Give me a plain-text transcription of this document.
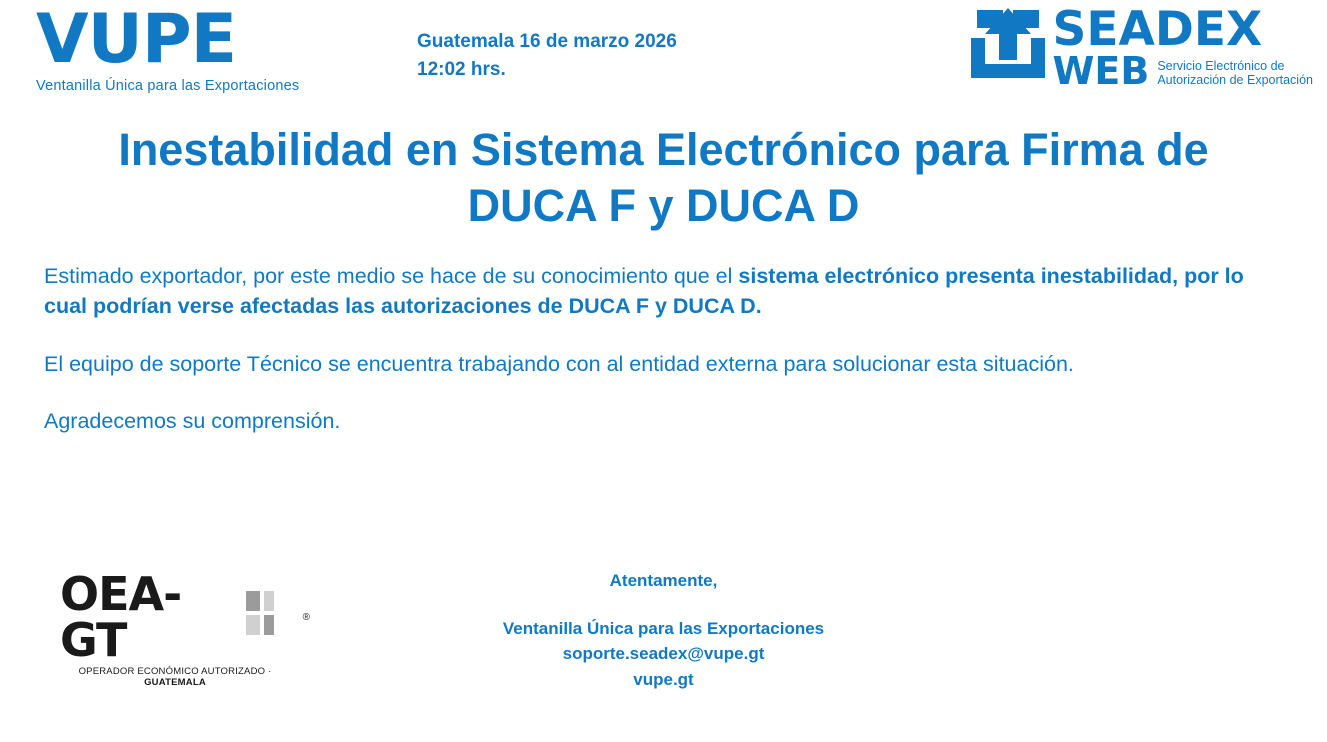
VUPE
Ventanilla Única para las Exportaciones
Guatemala 16 de marzo 2026
12:02 hrs.
SEADEX
WEB Servicio Electrónico de
Autorización de Exportación
Inestabilidad en Sistema Electrónico para Firma de DUCA F y DUCA D

Estimado exportador, por este medio se hace de su conocimiento que el sistema electrónico presenta inestabilidad, por lo cual podrían verse afectadas las autorizaciones de DUCA F y DUCA D.

El equipo de soporte Técnico se encuentra trabajando con al entidad externa para solucionar esta situación.

Agradecemos su comprensión.

OEA-GT	®
OPERADOR ECONÓMICO AUTORIZADO · GUATEMALA
Atentamente,
Ventanilla Única para las Exportaciones
soporte.seadex@vupe.gt
vupe.gt
